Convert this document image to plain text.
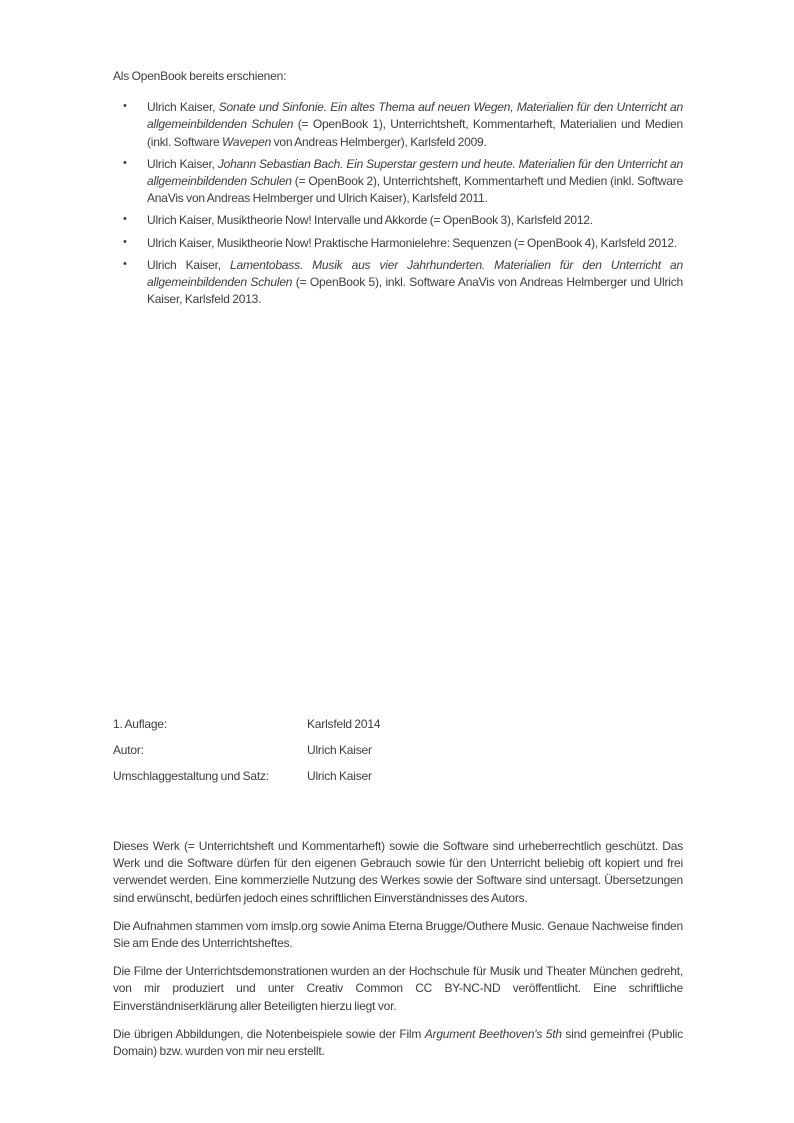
Als OpenBook bereits erschienen:

• Ulrich Kaiser, Sonate und Sinfonie. Ein altes Thema auf neuen Wegen, Materialien für den Unterricht an allgemeinbildenden Schulen (= OpenBook 1), Unterrichtsheft, Kommentarheft, Materialien und Medien (inkl. Software Wavepen von Andreas Helmberger), Karlsfeld 2009.
• Ulrich Kaiser, Johann Sebastian Bach. Ein Superstar gestern und heute. Materialien für den Unterricht an allgemeinbildenden Schulen (= OpenBook 2), Unterrichtsheft, Kommentarheft und Medien (inkl. Software AnaVis von Andreas Helmberger und Ulrich Kaiser), Karlsfeld 2011.
• Ulrich Kaiser, Musiktheorie Now! Intervalle und Akkorde (= OpenBook 3), Karlsfeld 2012.
• Ulrich Kaiser, Musiktheorie Now! Praktische Harmonielehre: Sequenzen (= OpenBook 4), Karlsfeld 2012.
• Ulrich Kaiser, Lamentobass. Musik aus vier Jahrhunderten. Materialien für den Unterricht an allgemeinbildenden Schulen (= OpenBook 5), inkl. Software AnaVis von Andreas Helmberger und Ulrich Kaiser, Karlsfeld 2013.
1. Auflage:	Karlsfeld 2014
Autor:	Ulrich Kaiser
Umschlaggestaltung und Satz:	Ulrich Kaiser

Dieses Werk (= Unterrichtsheft und Kommentarheft) sowie die Software sind urheberrechtlich geschützt. Das Werk und die Software dürfen für den eigenen Gebrauch sowie für den Unterricht beliebig oft kopiert und frei verwendet werden. Eine kommerzielle Nutzung des Werkes sowie der Software sind untersagt. Übersetzungen sind erwünscht, bedürfen jedoch eines schriftlichen Einverständnisses des Autors.

Die Aufnahmen stammen vom imslp.org sowie Anima Eterna Brugge/Outhere Music. Genaue Nachweise finden Sie am Ende des Unterrichtsheftes.

Die Filme der Unterrichtsdemonstrationen wurden an der Hochschule für Musik und Theater München gedreht, von mir produziert und unter Creativ Common CC BY-NC-ND veröffentlicht. Eine schriftliche Einverständniserklärung aller Beteiligten hierzu liegt vor.

Die übrigen Abbildungen, die Notenbeispiele sowie der Film Argument Beethoven's 5th sind gemeinfrei (Public Domain) bzw. wurden von mir neu erstellt.
